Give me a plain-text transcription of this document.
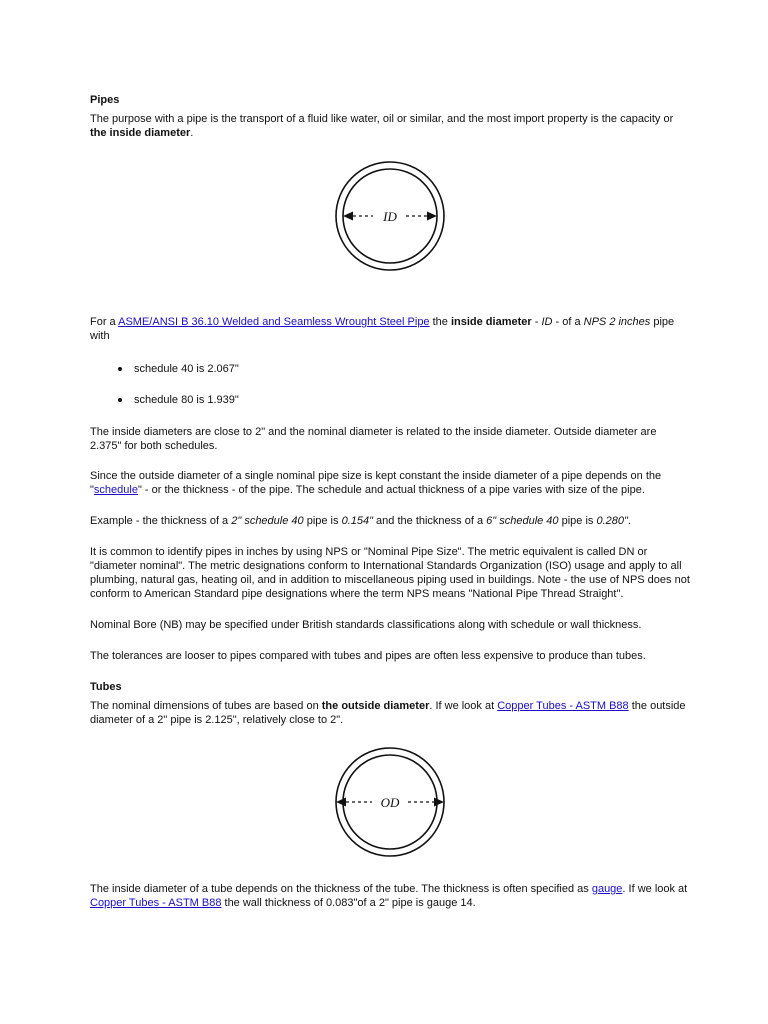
Pipes

The purpose with a pipe is the transport of a fluid like water, oil or similar, and the most import property is the capacity or the inside diameter.

ID

For a ASME/ANSI B 36.10 Welded and Seamless Wrought Steel Pipe the inside diameter - ID - of a NPS 2 inches pipe with

schedule 40 is 2.067"
schedule 80 is 1.939"

The inside diameters are close to 2" and the nominal diameter is related to the inside diameter. Outside diameter are 2.375" for both schedules.

Since the outside diameter of a single nominal pipe size is kept constant the inside diameter of a pipe depends on the "schedule" - or the thickness - of the pipe. The schedule and actual thickness of a pipe varies with size of the pipe.

Example - the thickness of a 2" schedule 40 pipe is 0.154" and the thickness of a 6" schedule 40 pipe is 0.280".

It is common to identify pipes in inches by using NPS or "Nominal Pipe Size". The metric equivalent is called DN or "diameter nominal". The metric designations conform to International Standards Organization (ISO) usage and apply to all plumbing, natural gas, heating oil, and in addition to miscellaneous piping used in buildings. Note - the use of NPS does not conform to American Standard pipe designations where the term NPS means "National Pipe Thread Straight".

Nominal Bore (NB) may be specified under British standards classifications along with schedule or wall thickness.

The tolerances are looser to pipes compared with tubes and pipes are often less expensive to produce than tubes.

Tubes

The nominal dimensions of tubes are based on the outside diameter. If we look at Copper Tubes - ASTM B88 the outside diameter of a 2" pipe is 2.125", relatively close to 2".

OD

The inside diameter of a tube depends on the thickness of the tube. The thickness is often specified as gauge. If we look at Copper Tubes - ASTM B88 the wall thickness of 0.083"of a 2" pipe is gauge 14.
